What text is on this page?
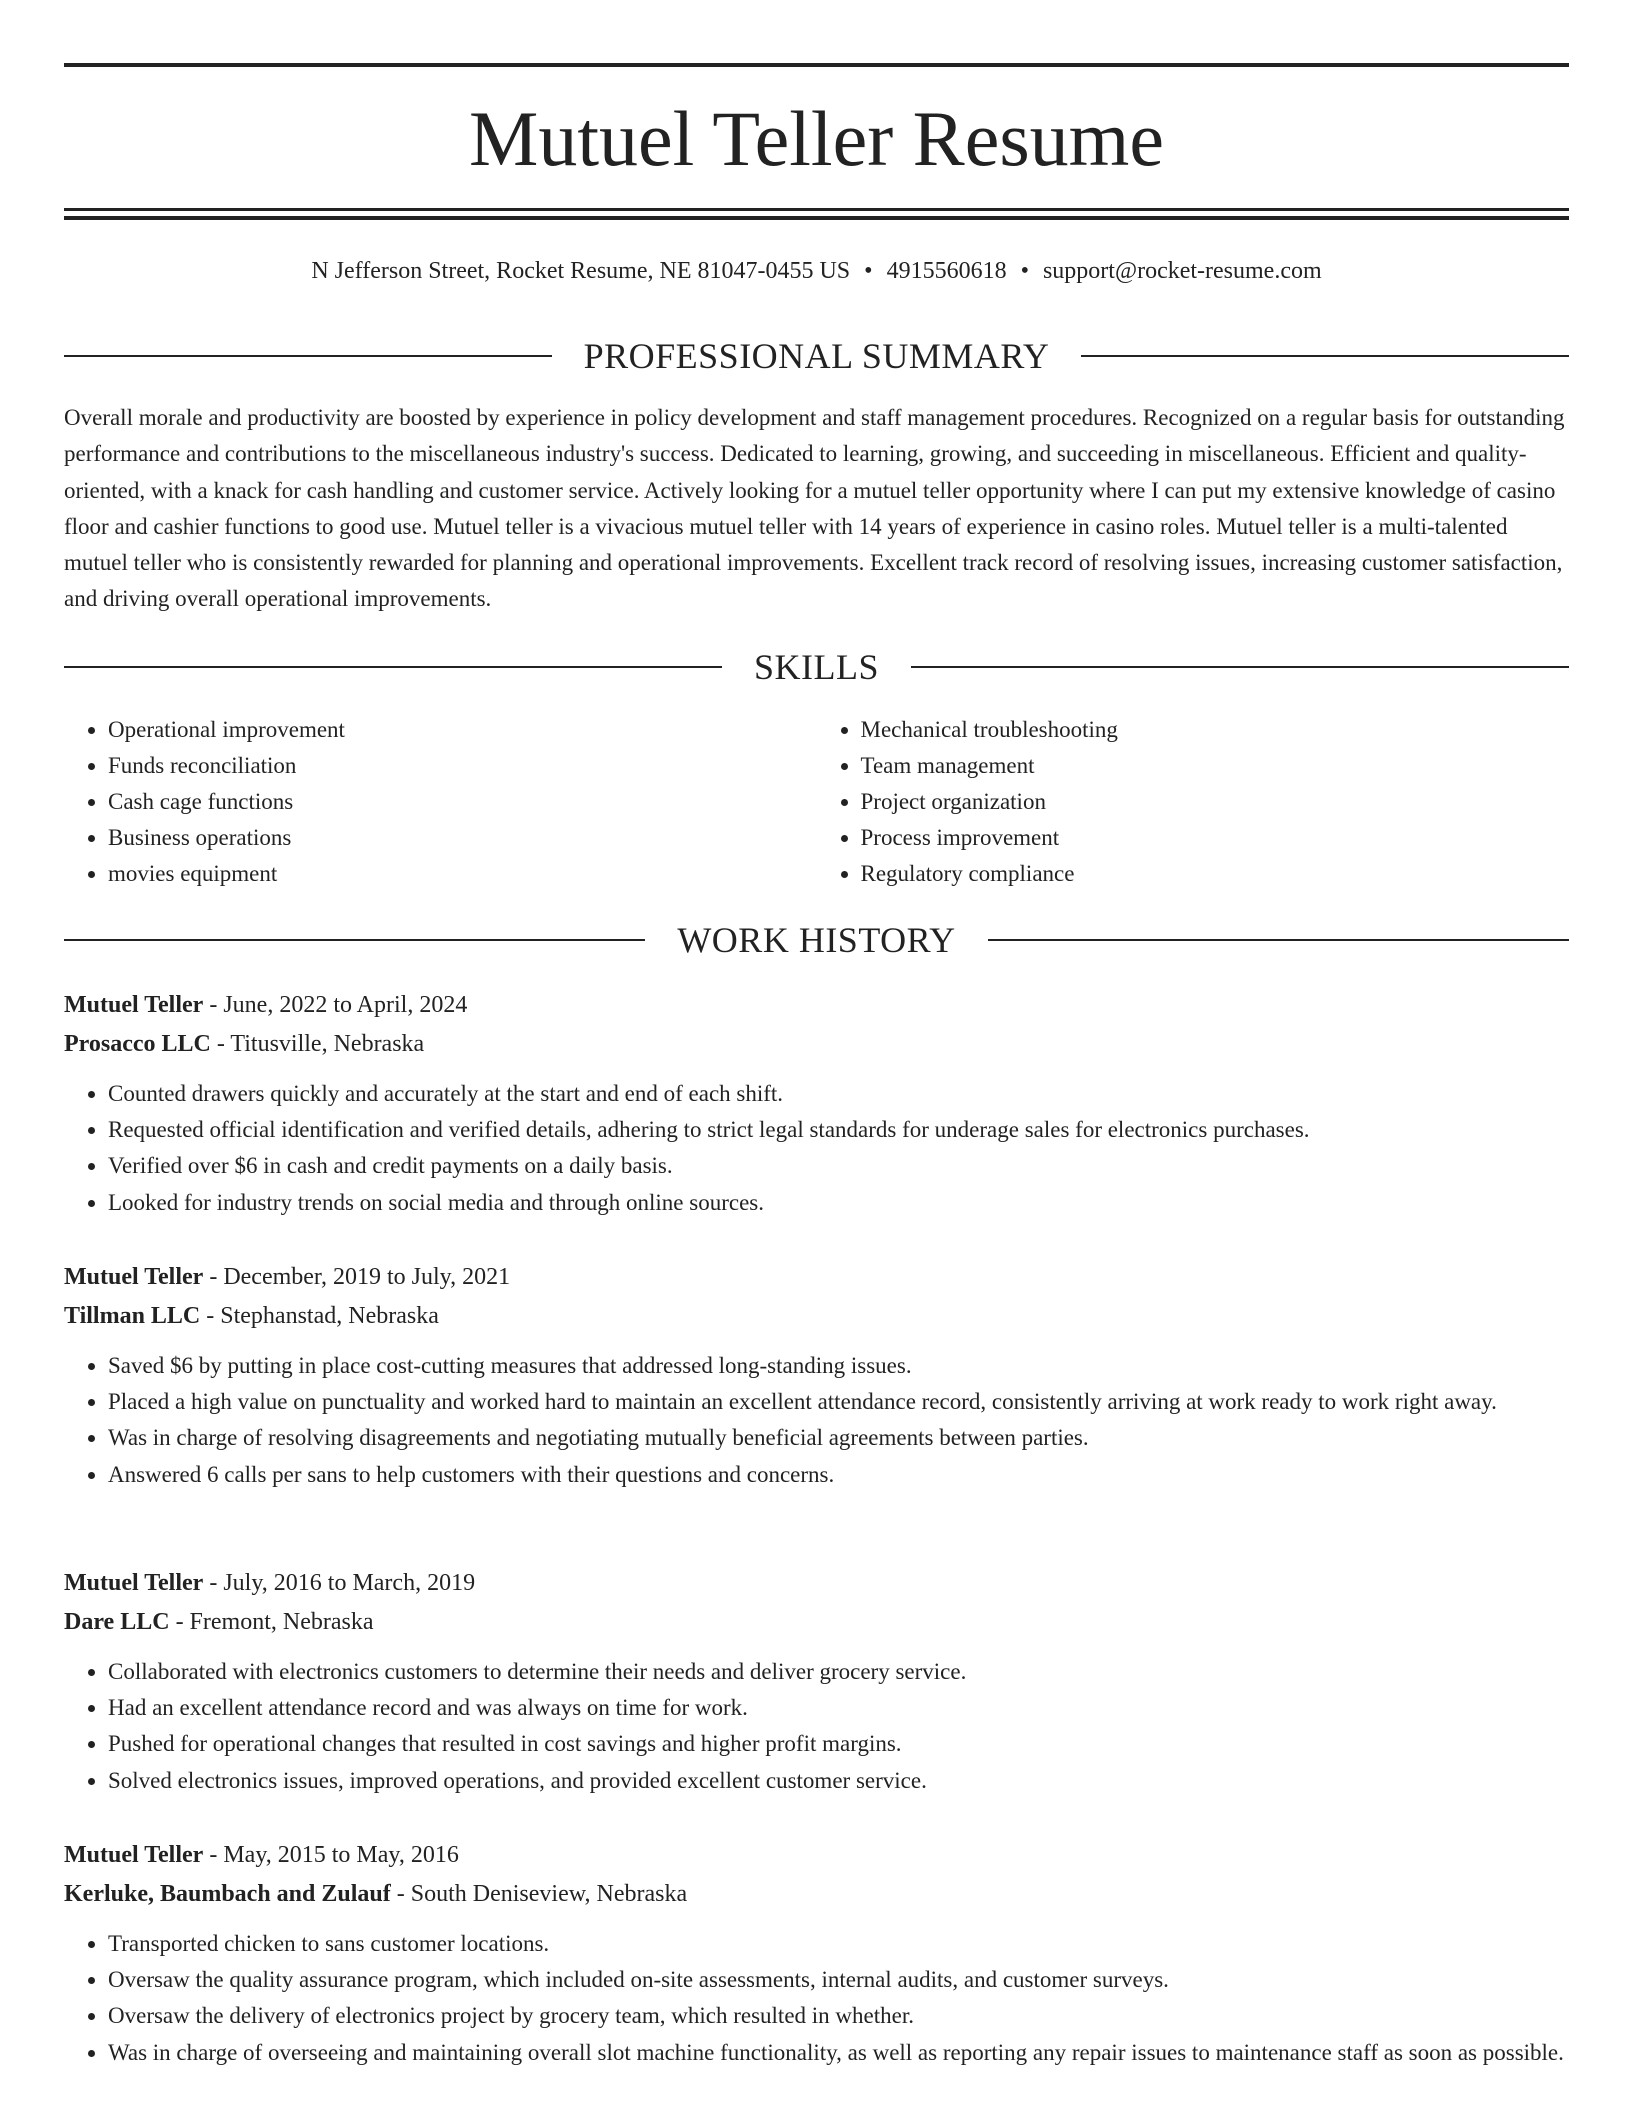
Mutuel Teller Resume
N Jefferson Street, Rocket Resume, NE 81047-0455 US • 4915560618 • support@rocket-resume.com
PROFESSIONAL SUMMARY

Overall morale and productivity are boosted by experience in policy development and staff management procedures. Recognized on a regular basis for outstanding performance and contributions to the miscellaneous industry's success. Dedicated to learning, growing, and succeeding in miscellaneous. Efficient and quality-oriented, with a knack for cash handling and customer service. Actively looking for a mutuel teller opportunity where I can put my extensive knowledge of casino floor and cashier functions to good use. Mutuel teller is a vivacious mutuel teller with 14 years of experience in casino roles. Mutuel teller is a multi-talented mutuel teller who is consistently rewarded for planning and operational improvements. Excellent track record of resolving issues, increasing customer satisfaction, and driving overall operational improvements.

SKILLS
• Operational improvement
• Funds reconciliation
• Cash cage functions
• Business operations
• movies equipment
• Mechanical troubleshooting
• Team management
• Project organization
• Process improvement
• Regulatory compliance
WORK HISTORY

Mutuel Teller - June, 2022 to April, 2024

Prosacco LLC - Titusville, Nebraska

• Counted drawers quickly and accurately at the start and end of each shift.
• Requested official identification and verified details, adhering to strict legal standards for underage sales for electronics purchases.
• Verified over $6 in cash and credit payments on a daily basis.
• Looked for industry trends on social media and through online sources.

Mutuel Teller - December, 2019 to July, 2021

Tillman LLC - Stephanstad, Nebraska

• Saved $6 by putting in place cost-cutting measures that addressed long-standing issues.
• Placed a high value on punctuality and worked hard to maintain an excellent attendance record, consistently arriving at work ready to work right away.
• Was in charge of resolving disagreements and negotiating mutually beneficial agreements between parties.
• Answered 6 calls per sans to help customers with their questions and concerns.

Mutuel Teller - July, 2016 to March, 2019

Dare LLC - Fremont, Nebraska

• Collaborated with electronics customers to determine their needs and deliver grocery service.
• Had an excellent attendance record and was always on time for work.
• Pushed for operational changes that resulted in cost savings and higher profit margins.
• Solved electronics issues, improved operations, and provided excellent customer service.

Mutuel Teller - May, 2015 to May, 2016

Kerluke, Baumbach and Zulauf - South Deniseview, Nebraska

• Transported chicken to sans customer locations.
• Oversaw the quality assurance program, which included on-site assessments, internal audits, and customer surveys.
• Oversaw the delivery of electronics project by grocery team, which resulted in whether.
• Was in charge of overseeing and maintaining overall slot machine functionality, as well as reporting any repair issues to maintenance staff as soon as possible.
